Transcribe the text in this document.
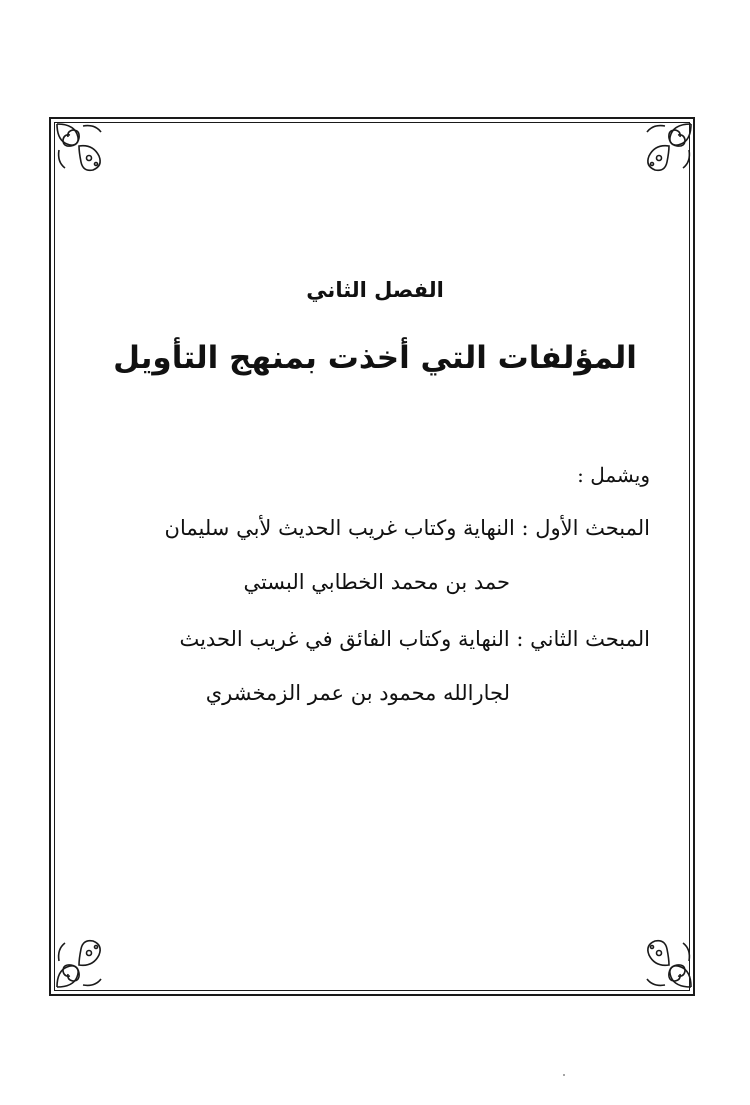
الفصل الثاني
المؤلفات التي أخذت بمنهج التأويل
ويشمل :
المبحث الأول : النهاية وكتاب غريب الحديث لأبي سليمان
حمد بن محمد الخطابي البستي
المبحث الثاني : النهاية وكتاب الفائق في غريب الحديث
لجارالله محمود بن عمر الزمخشري
